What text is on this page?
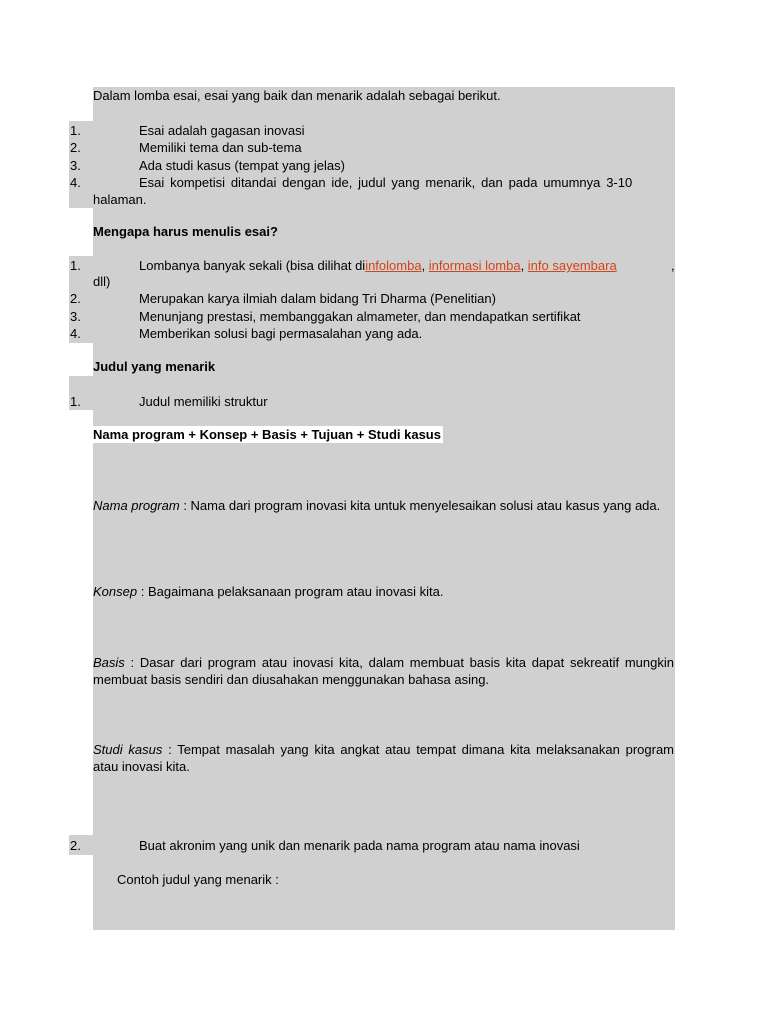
Dalam lomba esai, esai yang baik dan menarik adalah sebagai berikut.
1.	Esai adalah gagasan inovasi
2.	Memiliki tema dan sub-tema
3.	Ada studi kasus (tempat yang jelas)
4.	Esai kompetisi ditandai dengan ide, judul yang menarik, dan pada umumnya 3-10
halaman.
Mengapa harus menulis esai?
1.	Lombanya banyak sekali (bisa dilihat diinfolomba, informasi lomba, info sayembara	,
dll)
2.	Merupakan karya ilmiah dalam bidang Tri Dharma (Penelitian)
3.	Menunjang prestasi, membanggakan almameter, dan mendapatkan sertifikat
4.	Memberikan solusi bagi permasalahan yang ada.
Judul yang menarik
1.	Judul memiliki struktur
Nama program + Konsep + Basis + Tujuan + Studi kasus
Nama program : Nama dari program inovasi kita untuk menyelesaikan solusi atau kasus yang ada.
Konsep : Bagaimana pelaksanaan program atau inovasi kita.
Basis : Dasar dari program atau inovasi kita, dalam membuat basis kita dapat sekreatif mungkin membuat basis sendiri dan diusahakan menggunakan bahasa asing.
Studi kasus : Tempat masalah yang kita angkat atau tempat dimana kita melaksanakan program atau inovasi kita.
2.	Buat akronim yang unik dan menarik pada nama program atau nama inovasi
Contoh judul yang menarik :
